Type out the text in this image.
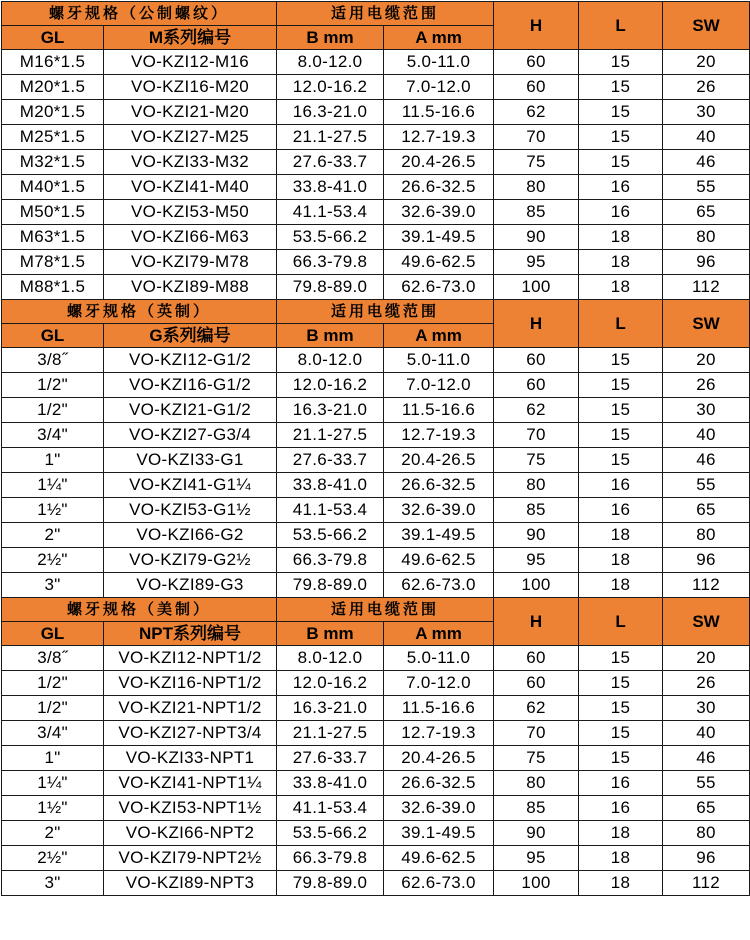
螺牙规格（公制螺纹）		适用电缆范围		H	L	SW
GL	M系列编号	B mm	A mm			
M16*1.5	VO-KZI12-M16	8.0-12.0	5.0-11.0	60	15	20
M20*1.5	VO-KZI16-M20	12.0-16.2	7.0-12.0	60	15	26
M20*1.5	VO-KZI21-M20	16.3-21.0	11.5-16.6	62	15	30
M25*1.5	VO-KZI27-M25	21.1-27.5	12.7-19.3	70	15	40
M32*1.5	VO-KZI33-M32	27.6-33.7	20.4-26.5	75	15	46
M40*1.5	VO-KZI41-M40	33.8-41.0	26.6-32.5	80	16	55
M50*1.5	VO-KZI53-M50	41.1-53.4	32.6-39.0	85	16	65
M63*1.5	VO-KZI66-M63	53.5-66.2	39.1-49.5	90	18	80
M78*1.5	VO-KZI79-M78	66.3-79.8	49.6-62.5	95	18	96
M88*1.5	VO-KZI89-M88	79.8-89.0	62.6-73.0	100	18	112
螺牙规格（英制）		适用电缆范围		H	L	SW
GL	G系列编号	B mm	A mm			
3/8˝	VO-KZI12-G1/2	8.0-12.0	5.0-11.0	60	15	20
1/2"	VO-KZI16-G1/2	12.0-16.2	7.0-12.0	60	15	26
1/2"	VO-KZI21-G1/2	16.3-21.0	11.5-16.6	62	15	30
3/4"	VO-KZI27-G3/4	21.1-27.5	12.7-19.3	70	15	40
1"	VO-KZI33-G1	27.6-33.7	20.4-26.5	75	15	46
1¼"	VO-KZI41-G1¼	33.8-41.0	26.6-32.5	80	16	55
1½"	VO-KZI53-G1½	41.1-53.4	32.6-39.0	85	16	65
2"	VO-KZI66-G2	53.5-66.2	39.1-49.5	90	18	80
2½"	VO-KZI79-G2½	66.3-79.8	49.6-62.5	95	18	96
3"	VO-KZI89-G3	79.8-89.0	62.6-73.0	100	18	112
螺牙规格（美制）		适用电缆范围		H	L	SW
GL	NPT系列编号	B mm	A mm			
3/8˝	VO-KZI12-NPT1/2	8.0-12.0	5.0-11.0	60	15	20
1/2"	VO-KZI16-NPT1/2	12.0-16.2	7.0-12.0	60	15	26
1/2"	VO-KZI21-NPT1/2	16.3-21.0	11.5-16.6	62	15	30
3/4"	VO-KZI27-NPT3/4	21.1-27.5	12.7-19.3	70	15	40
1"	VO-KZI33-NPT1	27.6-33.7	20.4-26.5	75	15	46
1¼"	VO-KZI41-NPT1¼	33.8-41.0	26.6-32.5	80	16	55
1½"	VO-KZI53-NPT1½	41.1-53.4	32.6-39.0	85	16	65
2"	VO-KZI66-NPT2	53.5-66.2	39.1-49.5	90	18	80
2½"	VO-KZI79-NPT2½	66.3-79.8	49.6-62.5	95	18	96
3"	VO-KZI89-NPT3	79.8-89.0	62.6-73.0	100	18	112
